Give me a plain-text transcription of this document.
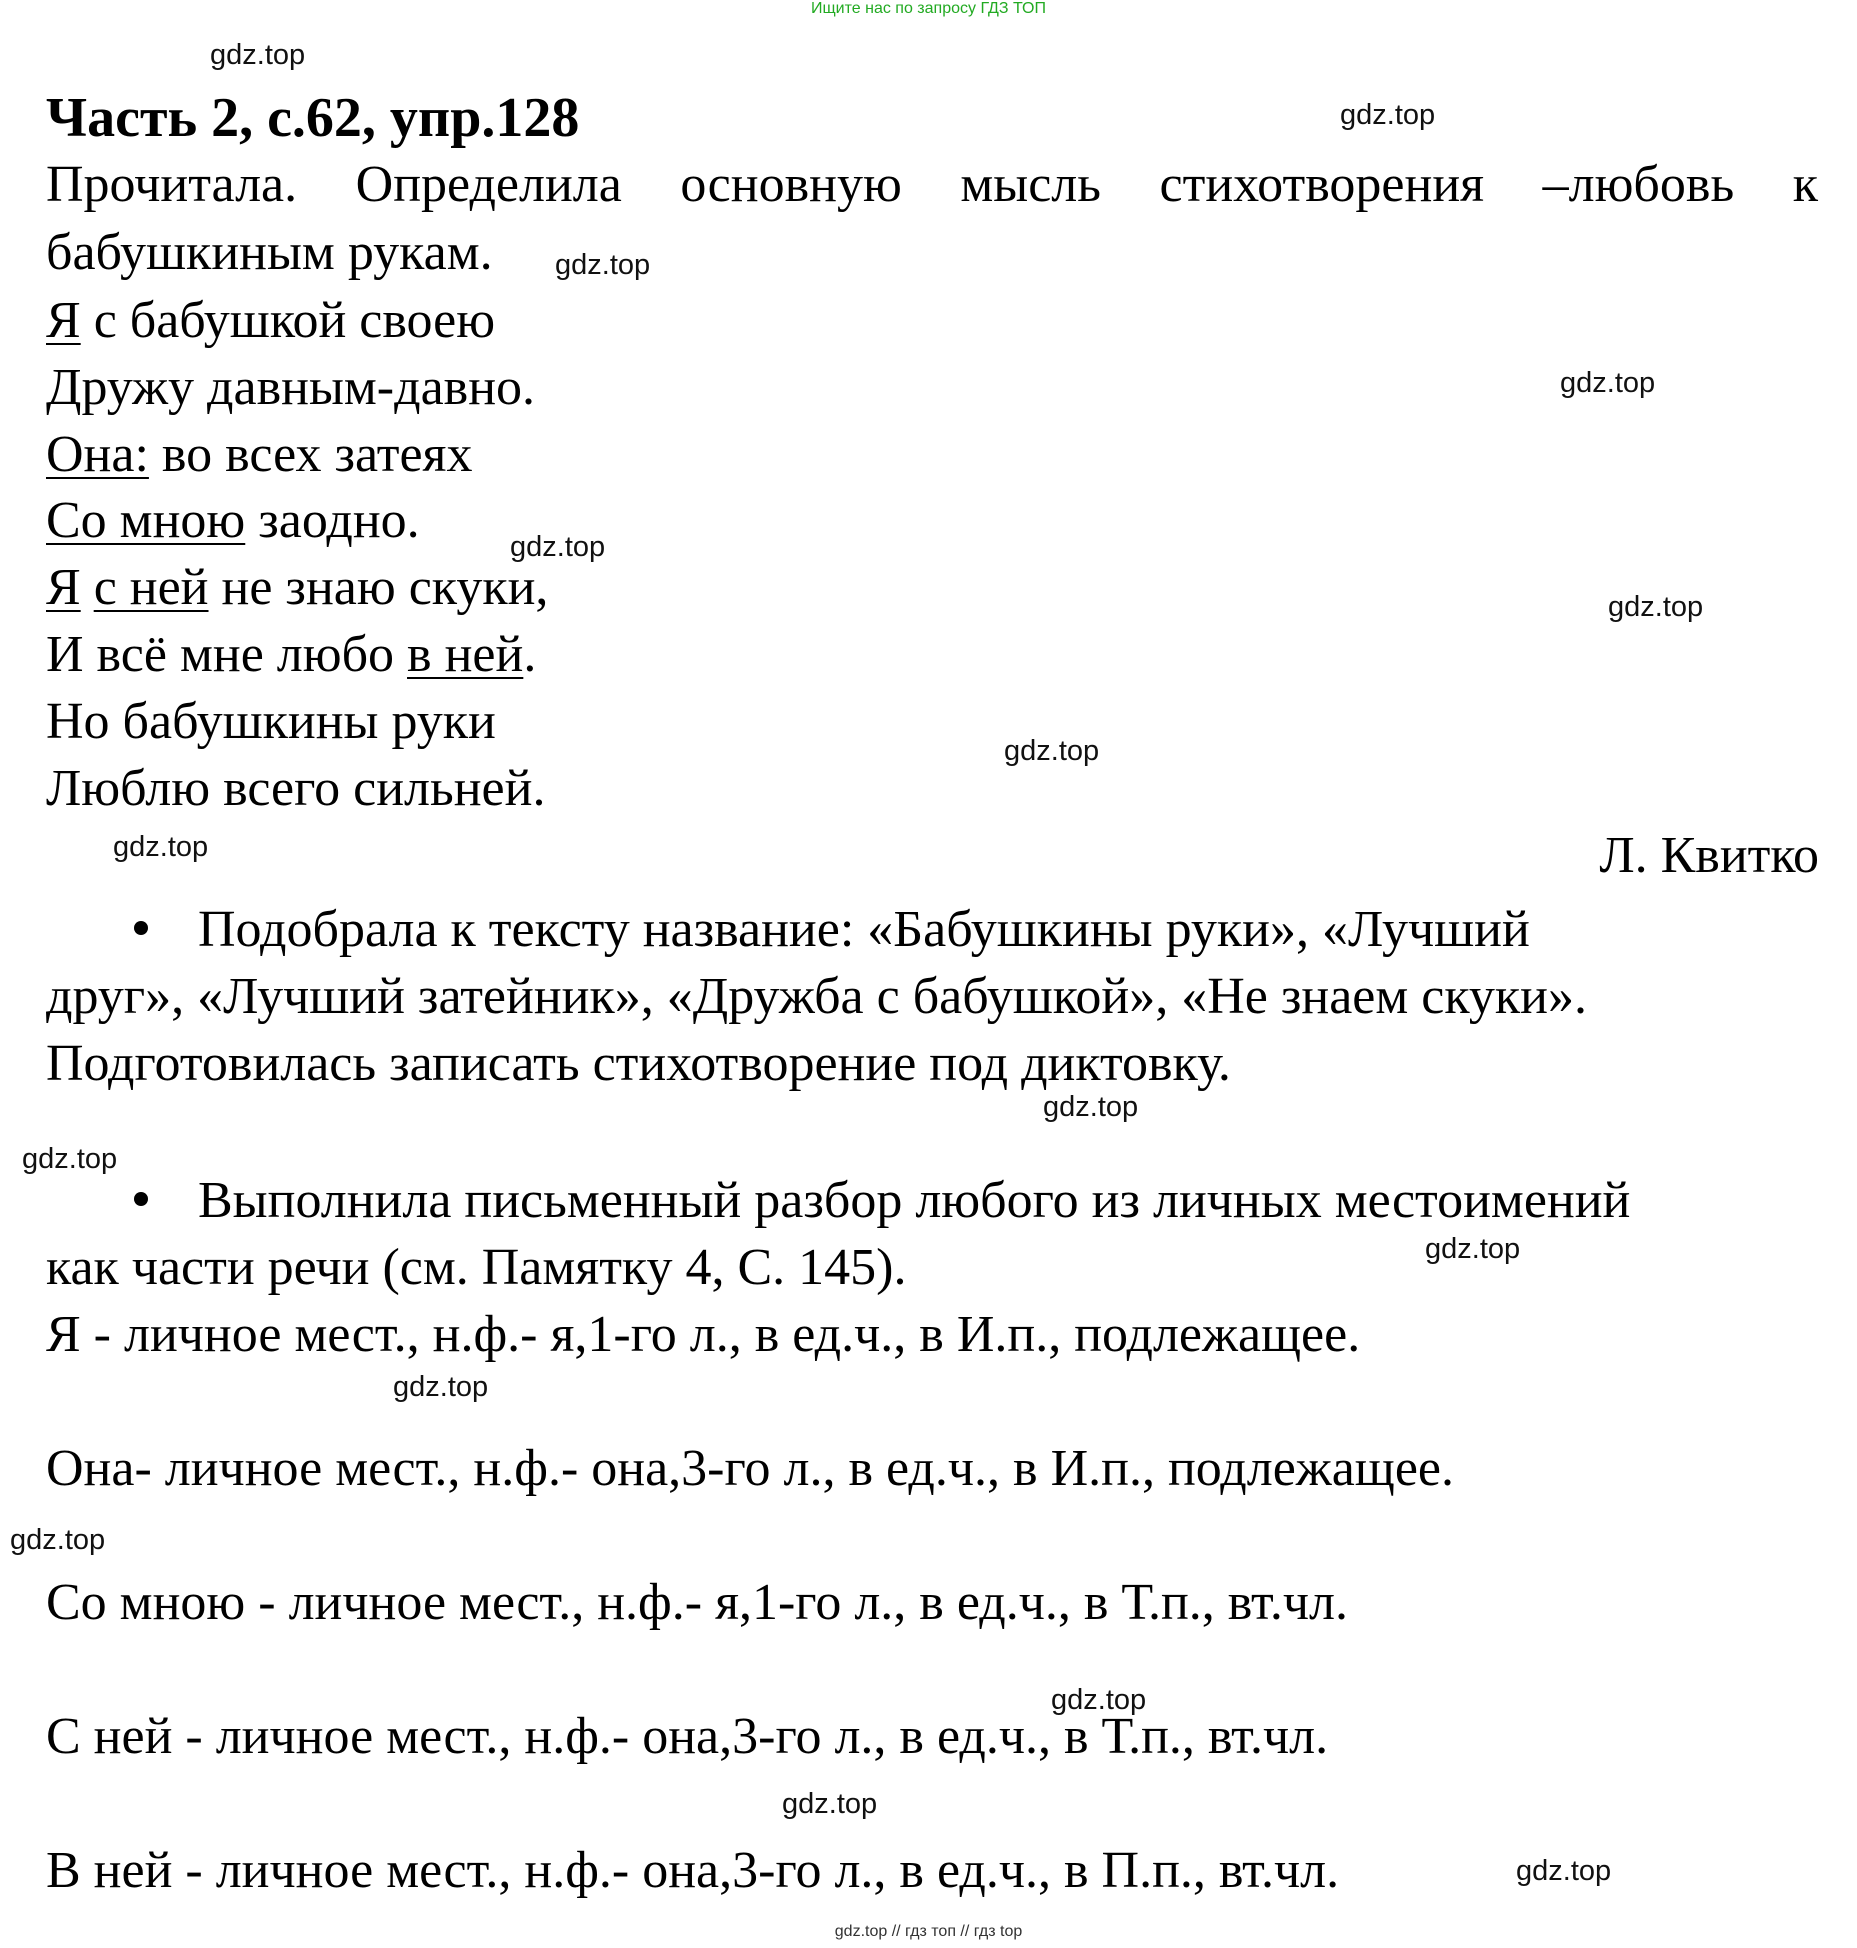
Ищите нас по запросу ГДЗ ТОП
Часть 2, с.62, упр.128
Прочитала. Определила основную мысль стихотворения –любовь к
бабушкиным рукам.
Я с бабушкой своею
Дружу давным-давно.
Она: во всех затеях
Со мною заодно.
Я с ней не знаю скуки,
И всё мне любо в ней.
Но бабушкины руки
Люблю всего сильней.
Л. Квитко
Подобрала к тексту название: «Бабушкины руки», «Лучший
друг», «Лучший затейник», «Дружба с бабушкой», «Не знаем скуки».
Подготовилась записать стихотворение под диктовку.
Выполнила письменный разбор любого из личных местоимений
как части речи (см. Памятку 4, С. 145).
Я - личное мест., н.ф.- я,1-го л., в ед.ч., в И.п., подлежащее.
Она- личное мест., н.ф.- она,3-го л., в ед.ч., в И.п., подлежащее.
Со мною - личное мест., н.ф.- я,1-го л., в ед.ч., в Т.п., вт.чл.
С ней - личное мест., н.ф.- она,3-го л., в ед.ч., в Т.п., вт.чл.
В ней - личное мест., н.ф.- она,3-го л., в ед.ч., в П.п., вт.чл.
gdz.top
gdz.top
gdz.top
gdz.top
gdz.top
gdz.top
gdz.top
gdz.top
gdz.top
gdz.top
gdz.top
gdz.top
gdz.top
gdz.top
gdz.top
gdz.top
gdz.top // гдз топ // гдз top
